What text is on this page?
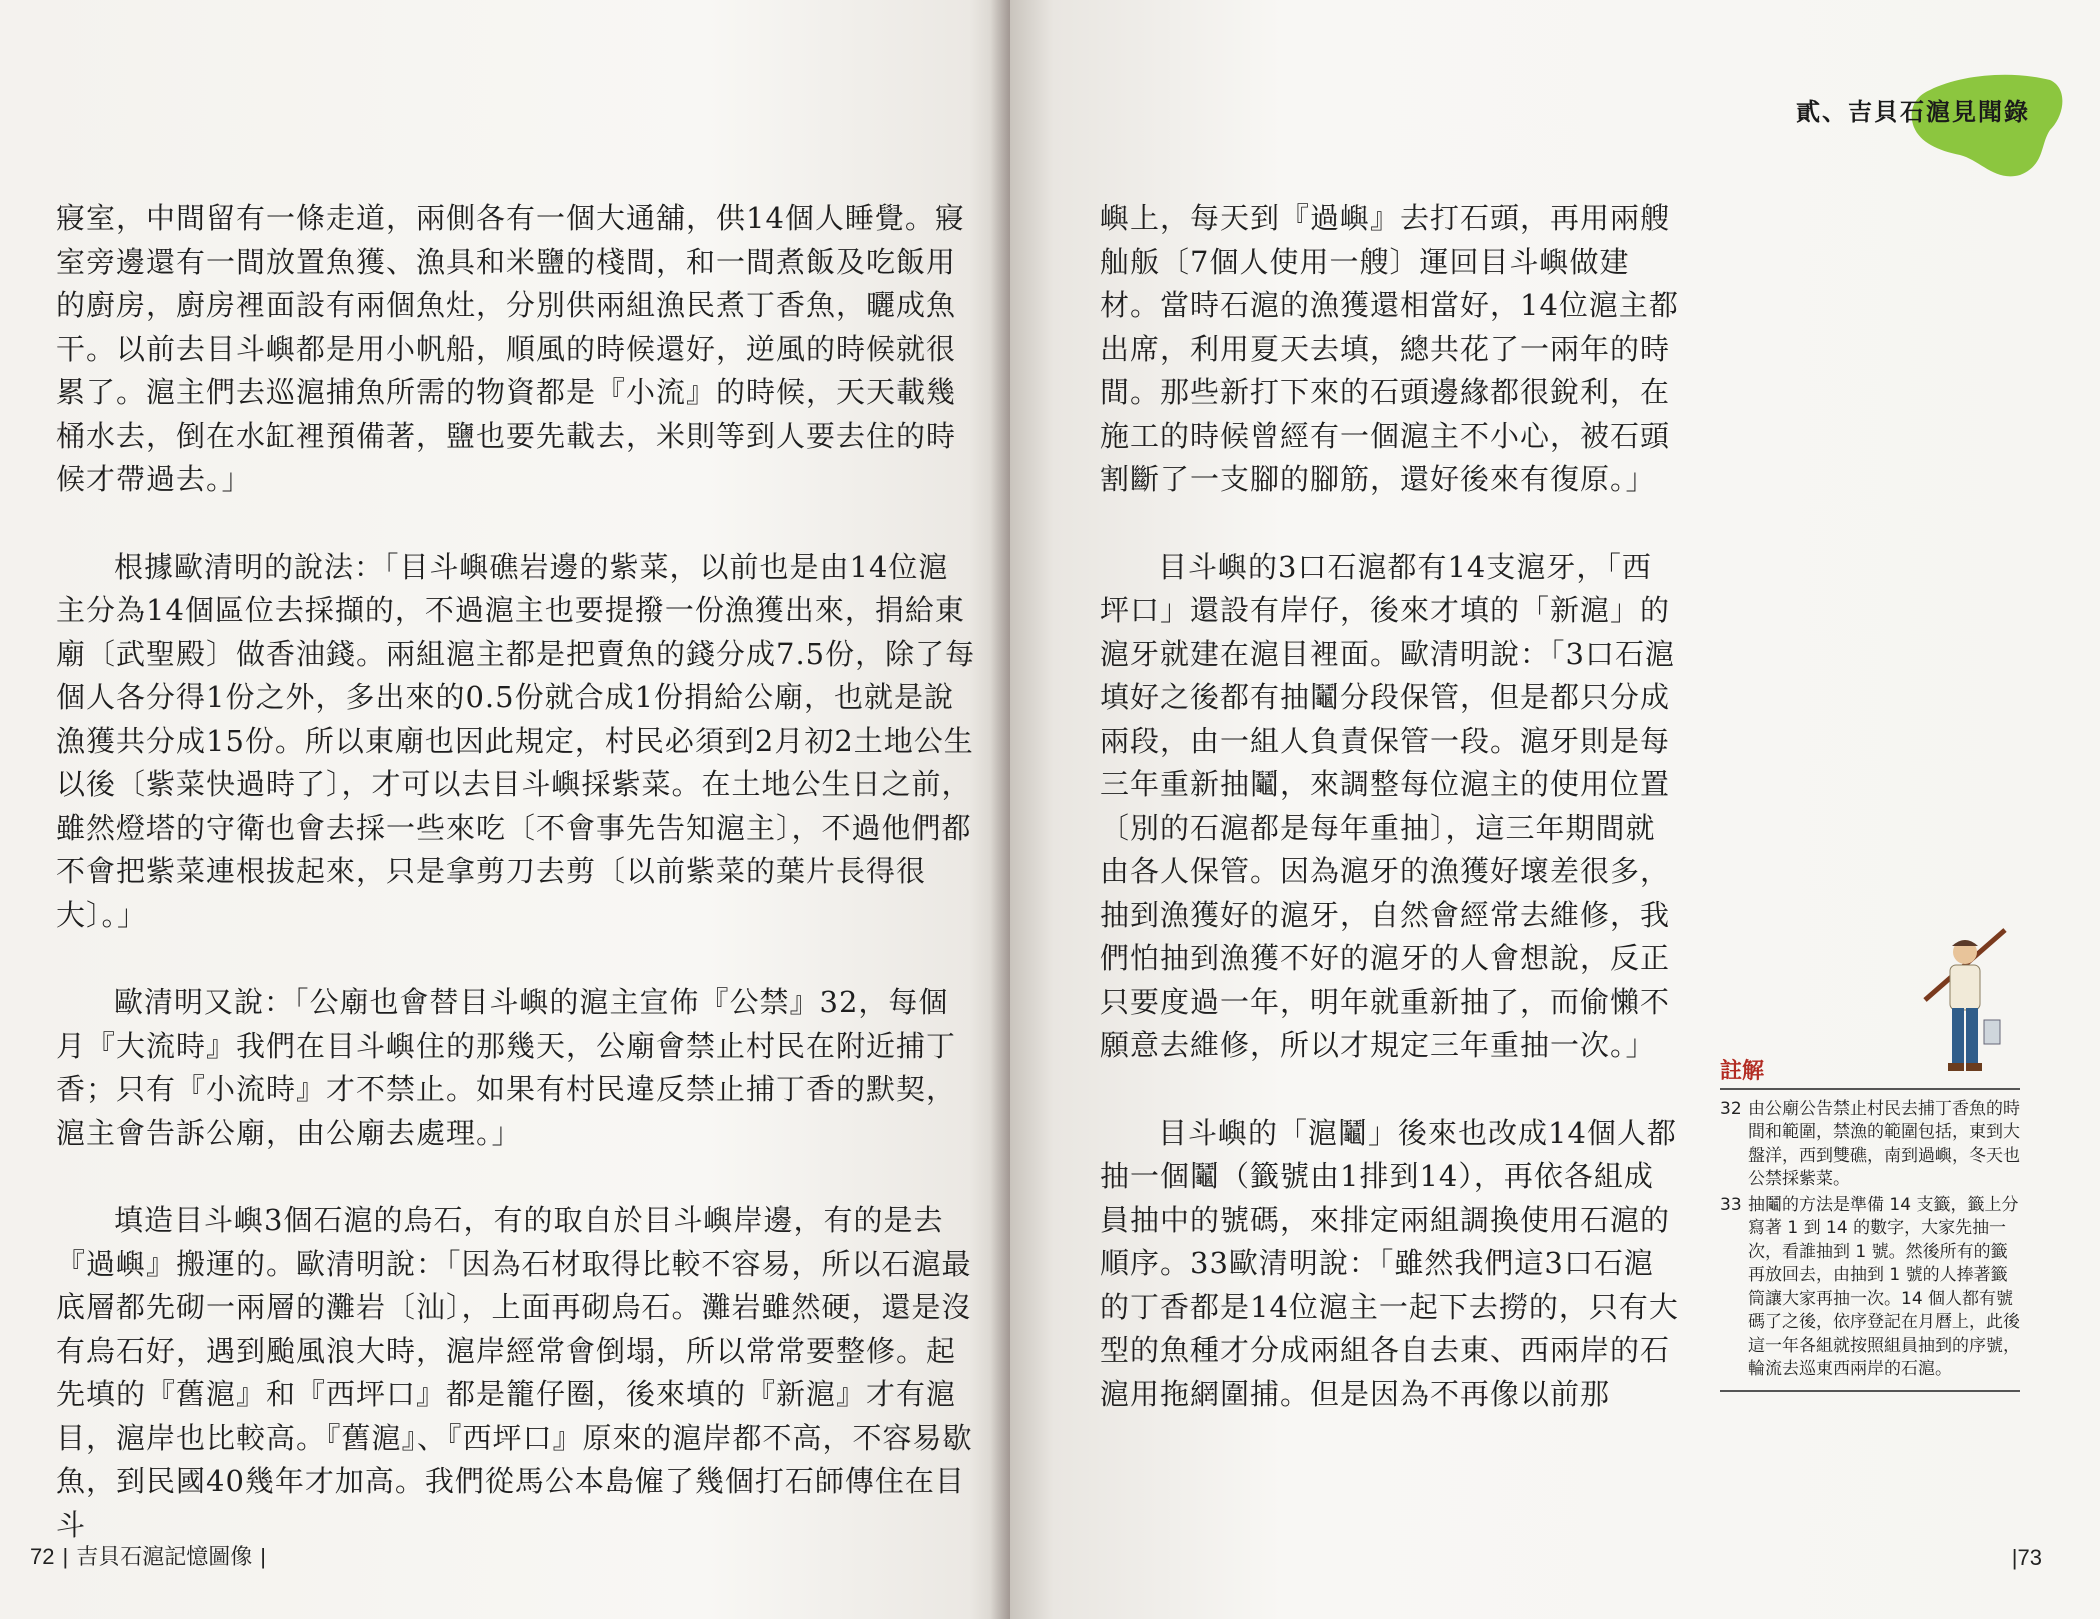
寢室，中間留有一條走道，兩側各有一個大通舖，供14個人睡覺。寢室旁邊還有一間放置魚獲、漁具和米鹽的棧間，和一間煮飯及吃飯用的廚房，廚房裡面設有兩個魚灶，分別供兩組漁民煮丁香魚，曬成魚干。以前去目斗嶼都是用小帆船，順風的時候還好，逆風的時候就很累了。滬主們去巡滬捕魚所需的物資都是『小流』的時候，天天載幾桶水去，倒在水缸裡預備著，鹽也要先載去，米則等到人要去住的時候才帶過去。」

根據歐清明的說法：「目斗嶼礁岩邊的紫菜，以前也是由14位滬主分為14個區位去採擷的，不過滬主也要提撥一份漁獲出來，捐給東廟〔武聖殿〕做香油錢。兩組滬主都是把賣魚的錢分成7.5份，除了每個人各分得1份之外，多出來的0.5份就合成1份捐給公廟，也就是說漁獲共分成15份。所以東廟也因此規定，村民必須到2月初2土地公生以後〔紫菜快過時了〕，才可以去目斗嶼採紫菜。在土地公生日之前，雖然燈塔的守衛也會去採一些來吃〔不會事先告知滬主〕，不過他們都不會把紫菜連根拔起來，只是拿剪刀去剪〔以前紫菜的葉片長得很大〕。」

歐清明又說：「公廟也會替目斗嶼的滬主宣佈『公禁』32，每個月『大流時』我們在目斗嶼住的那幾天，公廟會禁止村民在附近捕丁香；只有『小流時』才不禁止。如果有村民違反禁止捕丁香的默契，滬主會告訴公廟，由公廟去處理。」

填造目斗嶼3個石滬的烏石，有的取自於目斗嶼岸邊，有的是去『過嶼』搬運的。歐清明說：「因為石材取得比較不容易，所以石滬最底層都先砌一兩層的灘岩〔汕〕，上面再砌烏石。灘岩雖然硬，還是沒有烏石好，遇到颱風浪大時，滬岸經常會倒塌，所以常常要整修。起先填的『舊滬』和『西坪口』都是籠仔圈，後來填的『新滬』才有滬目，滬岸也比較高。『舊滬』、『西坪口』原來的滬岸都不高，不容易歇魚，到民國40幾年才加高。我們從馬公本島僱了幾個打石師傳住在目斗

72 | 吉貝石滬記憶圖像 |
貳、吉貝石滬見聞錄

嶼上，每天到『過嶼』去打石頭，再用兩艘舢舨〔7個人使用一艘〕運回目斗嶼做建材。當時石滬的漁獲還相當好，14位滬主都出席，利用夏天去填，總共花了一兩年的時間。那些新打下來的石頭邊緣都很銳利，在施工的時候曾經有一個滬主不小心，被石頭割斷了一支腳的腳筋，還好後來有復原。」

目斗嶼的3口石滬都有14支滬牙，「西坪口」還設有岸仔，後來才填的「新滬」的滬牙就建在滬目裡面。歐清明說：「3口石滬填好之後都有抽鬮分段保管，但是都只分成兩段，由一組人負責保管一段。滬牙則是每三年重新抽鬮，來調整每位滬主的使用位置〔別的石滬都是每年重抽〕，這三年期間就由各人保管。因為滬牙的漁獲好壞差很多，抽到漁獲好的滬牙，自然會經常去維修，我們怕抽到漁獲不好的滬牙的人會想說，反正只要度過一年，明年就重新抽了，而偷懶不願意去維修，所以才規定三年重抽一次。」

目斗嶼的「滬鬮」後來也改成14個人都抽一個鬮（籤號由1排到14），再依各組成員抽中的號碼，來排定兩組調換使用石滬的順序。33歐清明說：「雖然我們這3口石滬的丁香都是14位滬主一起下去撈的，只有大型的魚種才分成兩組各自去東、西兩岸的石滬用拖網圍捕。但是因為不再像以前那

註解
32 由公廟公告禁止村民去捕丁香魚的時間和範圍，禁漁的範圍包括，東到大盤洋，西到雙礁，南到過嶼，冬天也公禁採紫菜。
33 抽鬮的方法是準備 14 支籤，籤上分寫著 1 到 14 的數字，大家先抽一次，看誰抽到 1 號。然後所有的籤再放回去，由抽到 1 號的人捧著籤筒讓大家再抽一次。14 個人都有號碼了之後，依序登記在月曆上，此後這一年各組就按照組員抽到的序號，輪流去巡東西兩岸的石滬。
|73
